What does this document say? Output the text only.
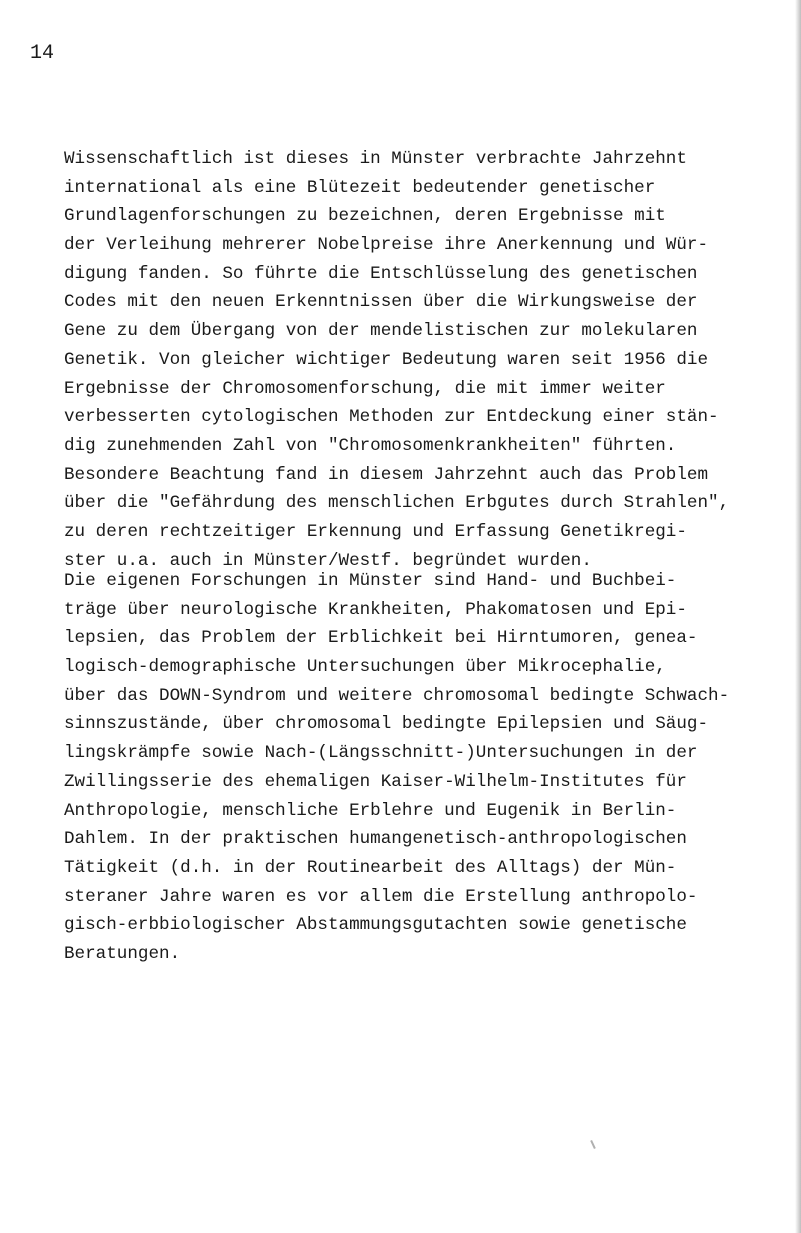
14
Wissenschaftlich ist dieses in Münster verbrachte Jahrzehnt
international als eine Blütezeit bedeutender genetischer
Grundlagenforschungen zu bezeichnen, deren Ergebnisse mit
der Verleihung mehrerer Nobelpreise ihre Anerkennung und Wür-
digung fanden. So führte die Entschlüsselung des genetischen
Codes mit den neuen Erkenntnissen über die Wirkungsweise der
Gene zu dem Übergang von der mendelistischen zur molekularen
Genetik. Von gleicher wichtiger Bedeutung waren seit 1956 die
Ergebnisse der Chromosomenforschung, die mit immer weiter
verbesserten cytologischen Methoden zur Entdeckung einer stän-
dig zunehmenden Zahl von "Chromosomenkrankheiten" führten.
Besondere Beachtung fand in diesem Jahrzehnt auch das Problem
über die "Gefährdung des menschlichen Erbgutes durch Strahlen",
zu deren rechtzeitiger Erkennung und Erfassung Genetikregi-
ster u.a. auch in Münster/Westf. begründet wurden.
Die eigenen Forschungen in Münster sind Hand- und Buchbei-
träge über neurologische Krankheiten, Phakomatosen und Epi-
lepsien, das Problem der Erblichkeit bei Hirntumoren, genea-
logisch-demographische Untersuchungen über Mikrocephalie,
über das DOWN-Syndrom und weitere chromosomal bedingte Schwach-
sinnszustände, über chromosomal bedingte Epilepsien und Säug-
lingskrämpfe sowie Nach-(Längsschnitt-)Untersuchungen in der
Zwillingsserie des ehemaligen Kaiser-Wilhelm-Institutes für
Anthropologie, menschliche Erblehre und Eugenik in Berlin-
Dahlem. In der praktischen humangenetisch-anthropologischen
Tätigkeit (d.h. in der Routinearbeit des Alltags) der Mün-
steraner Jahre waren es vor allem die Erstellung anthropolo-
gisch-erbbiologischer Abstammungsgutachten sowie genetische
Beratungen.
